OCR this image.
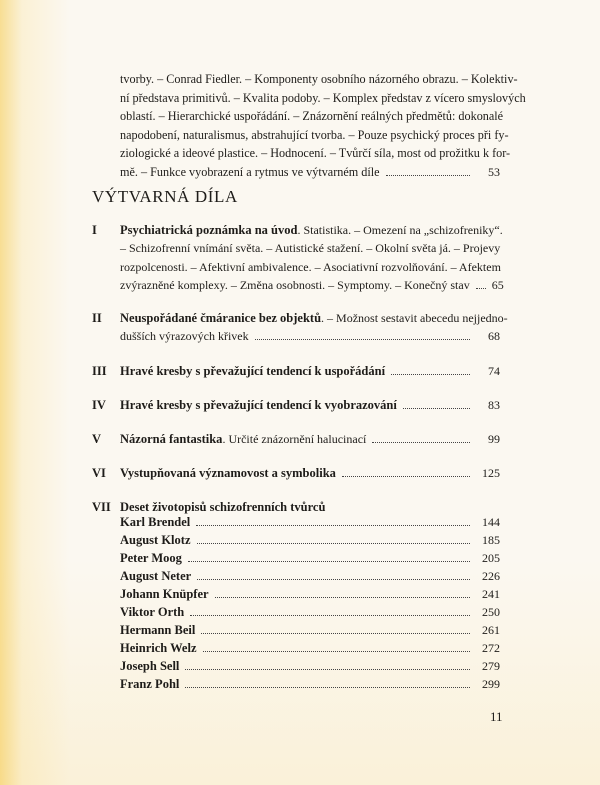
tvorby. – Conrad Fiedler. – Komponenty osobního názorného obrazu. – Kolektiv-
ní představa primitivů. – Kvalita podoby. – Komplex představ z vícero smyslových
oblastí. – Hierarchické uspořádání. – Znázornění reálných předmětů: dokonalé
napodobení, naturalismus, abstrahující tvorba. – Pouze psychický proces při fy-
ziologické a ideové plastice. – Hodnocení. – Tvůrčí síla, most od prožitku k for-
mě. – Funkce vyobrazení a rytmus ve výtvarném díle	53
VÝTVARNÁ DÍLA
I	Psychiatrická poznámka na úvod. Statistika. – Omezení na „schizofreniky“.
– Schizofrenní vnímání světa. – Autistické stažení. – Okolní světa já. – Projevy
rozpolcenosti. – Afektivní ambivalence. – Asociativní rozvolňování. – Afektem
zvýrazněné komplexy. – Změna osobnosti. – Symptomy. – Konečný stav 65
II	Neuspořádané čmáranice bez objektů. – Možnost sestavit abecedu nejjedno-
dušších výrazových křivek	68
III	Hravé kresby s převažující tendencí k uspořádání	74
IV	Hravé kresby s převažující tendencí k vyobrazování	83
V	Názorná fantastika. Určité znázornění halucinací	99
VI	Vystupňovaná významovost a symbolika	125
VII Deset životopisů schizofrenních tvůrců
Karl Brendel	144
August Klotz	185
Peter Moog	205
August Neter	226
Johann Knüpfer	241
Viktor Orth	250
Hermann Beil	261
Heinrich Welz	272
Joseph Sell	279
Franz Pohl	299
11
